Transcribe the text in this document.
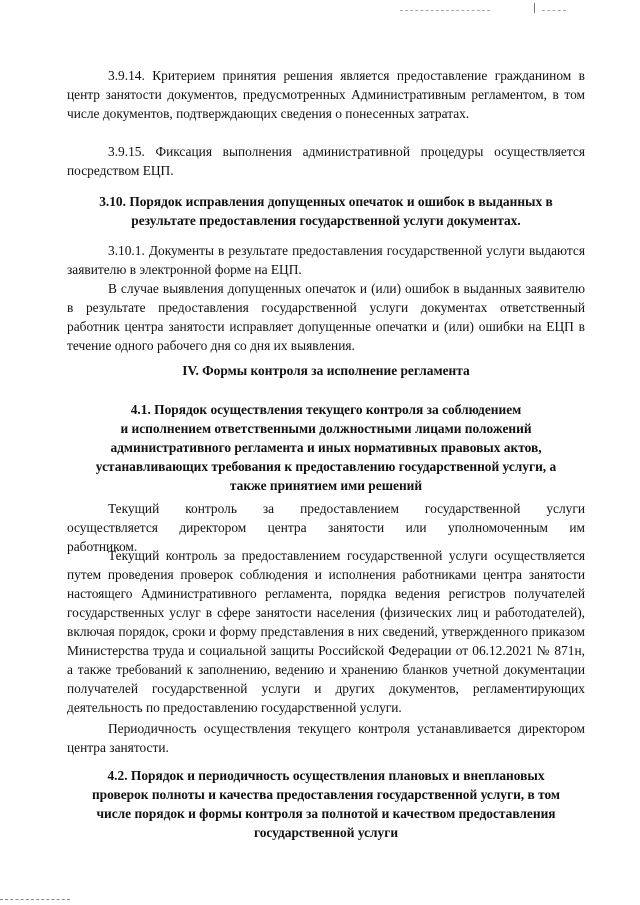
3.9.14. Критерием принятия решения является предоставление гражданином в центр занятости документов, предусмотренных Административным регламентом, в том числе документов, подтверждающих сведения о понесенных затратах.

3.9.15. Фиксация выполнения административной процедуры осуществляется посредством ЕЦП.

3.10. Порядок исправления допущенных опечаток и ошибок в выданных в

результате предоставления государственной услуги документах.

3.10.1. Документы в результате предоставления государственной услуги выдаются заявителю в электронной форме на ЕЦП.

В случае выявления допущенных опечаток и (или) ошибок в выданных заявителю в результате предоставления государственной услуги документах ответственный работник центра занятости исправляет допущенные опечатки и (или) ошибки на ЕЦП в течение одного рабочего дня со дня их выявления.

IV. Формы контроля за исполнение регламента

4.1. Порядок осуществления текущего контроля за соблюдением

и исполнением ответственными должностными лицами положений

административного регламента и иных нормативных правовых актов,

устанавливающих требования к предоставлению государственной услуги, а

также принятием ими решений

Текущий контроль за предоставлением государственной услуги осуществляется директором центра занятости или уполномоченным им работником.

Текущий контроль за предоставлением государственной услуги осуществляется путем проведения проверок соблюдения и исполнения работниками центра занятости настоящего Административного регламента, порядка ведения регистров получателей государственных услуг в сфере занятости населения (физических лиц и работодателей), включая порядок, сроки и форму представления в них сведений, утвержденного приказом Министерства труда и социальной защиты Российской Федерации от 06.12.2021 № 871н, а также требований к заполнению, ведению и хранению бланков учетной документации получателей государственной услуги и других документов, регламентирующих деятельность по предоставлению государственной услуги.

Периодичность осуществления текущего контроля устанавливается директором центра занятости.

4.2. Порядок и периодичность осуществления плановых и внеплановых

проверок полноты и качества предоставления государственной услуги, в том

числе порядок и формы контроля за полнотой и качеством предоставления

государственной услуги
